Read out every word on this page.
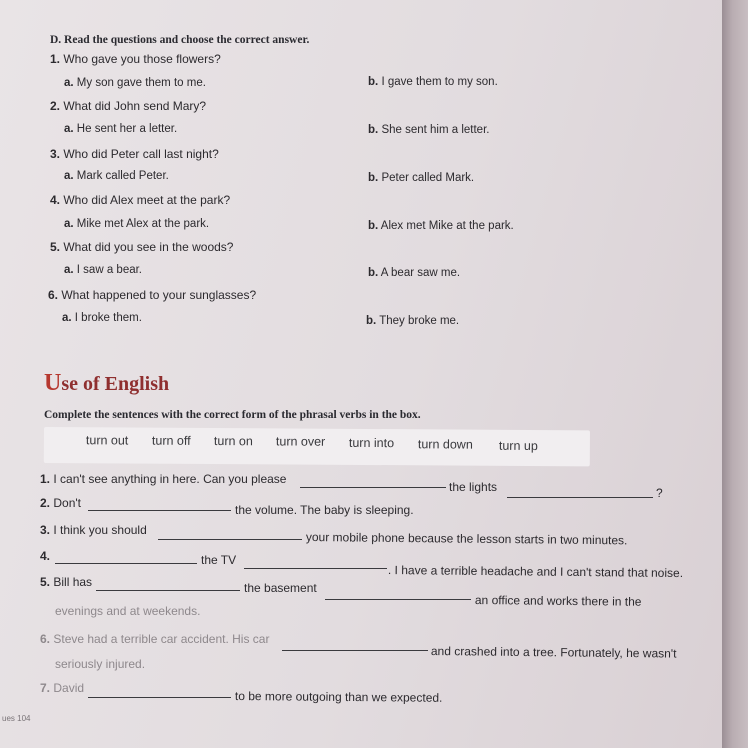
D. Read the questions and choose the correct answer.
1. Who gave you those flowers?
a. My son gave them to me.	b. I gave them to my son.
2. What did John send Mary?
a. He sent her a letter.	b. She sent him a letter.
3. Who did Peter call last night?
a. Mark called Peter.	b. Peter called Mark.
4. Who did Alex meet at the park?
a. Mike met Alex at the park.	b. Alex met Mike at the park.
5. What did you see in the woods?
a. I saw a bear.	b. A bear saw me.
6. What happened to your sunglasses?
a. I broke them.	b. They broke me.
Use of English
Complete the sentences with the correct form of the phrasal verbs in the box.
turn out turn off turn on turn over turn into turn down turn up
1. I can't see anything in here. Can you please
the lights	?
2. Don't	the volume. The baby is sleeping.
3. I think you should	your mobile phone because the lesson starts in two minutes.
4.	the TV
. I have a terrible headache and I can't stand that noise.
5. Bill has	the basement
an office and works there in the
evenings and at weekends.
6. Steve had a terrible car accident. His car
and crashed into a tree. Fortunately, he wasn't
seriously injured.
7. David
to be more outgoing than we expected.
ues 104
